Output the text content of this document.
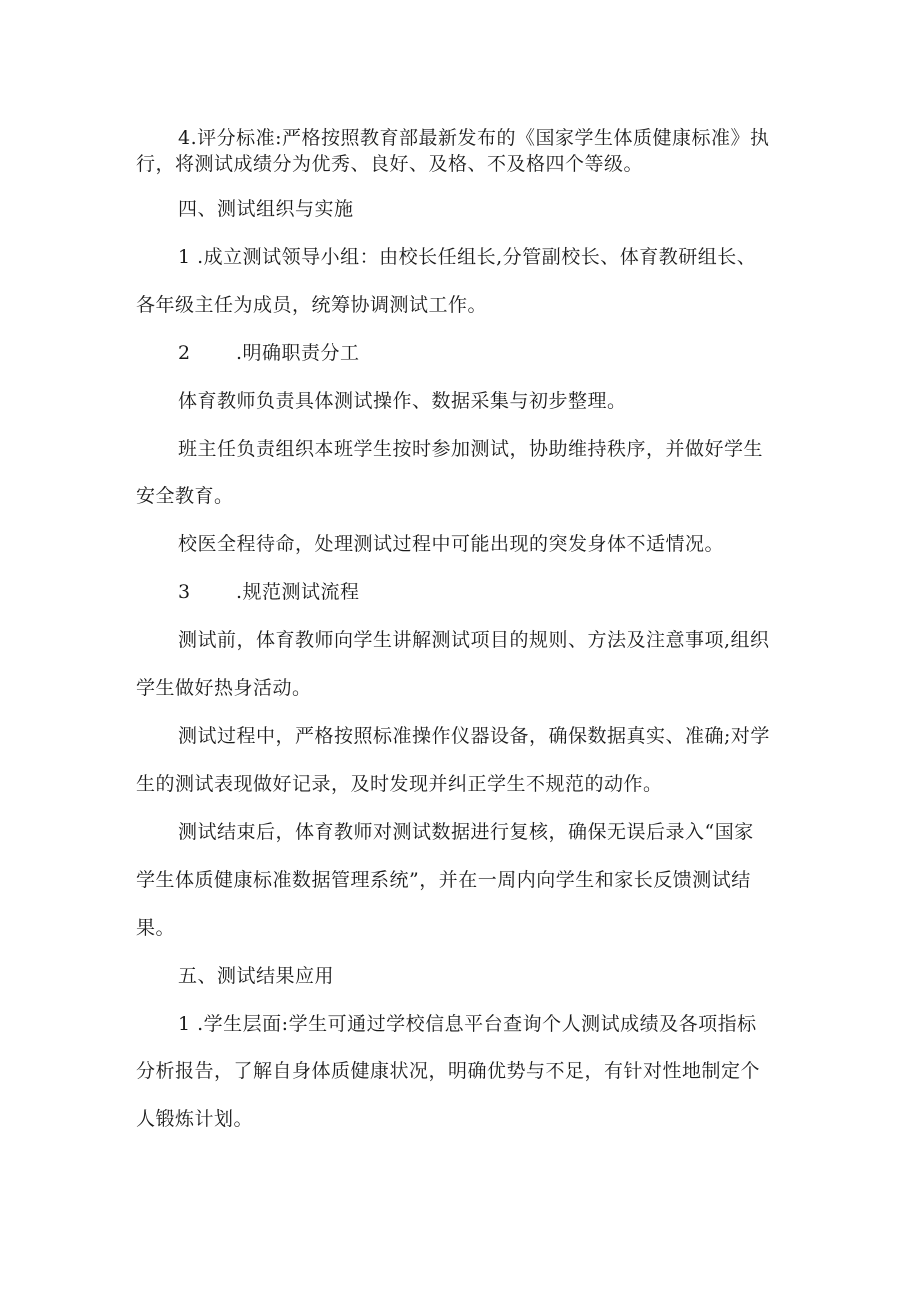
4.评分标准:严格按照教育部最新发布的《国家学生体质健康标准》执
行，将测试成绩分为优秀、良好、及格、不及格四个等级。
四、测试组织与实施
1 .成立测试领导小组：由校长任组长,分管副校长、体育教研组长、
各年级主任为成员，统筹协调测试工作。
2 .明确职责分工
体育教师负责具体测试操作、数据采集与初步整理。
班主任负责组织本班学生按时参加测试，协助维持秩序，并做好学生
安全教育。
校医全程待命，处理测试过程中可能出现的突发身体不适情况。
3 .规范测试流程
测试前，体育教师向学生讲解测试项目的规则、方法及注意事项,组织
学生做好热身活动。
测试过程中，严格按照标准操作仪器设备，确保数据真实、准确;对学
生的测试表现做好记录，及时发现并纠正学生不规范的动作。
测试结束后，体育教师对测试数据进行复核，确保无误后录入“国家
学生体质健康标准数据管理系统”，并在一周内向学生和家长反馈测试结
果。
五、测试结果应用
1 .学生层面:学生可通过学校信息平台查询个人测试成绩及各项指标
分析报告，了解自身体质健康状况，明确优势与不足，有针对性地制定个
人锻炼计划。
